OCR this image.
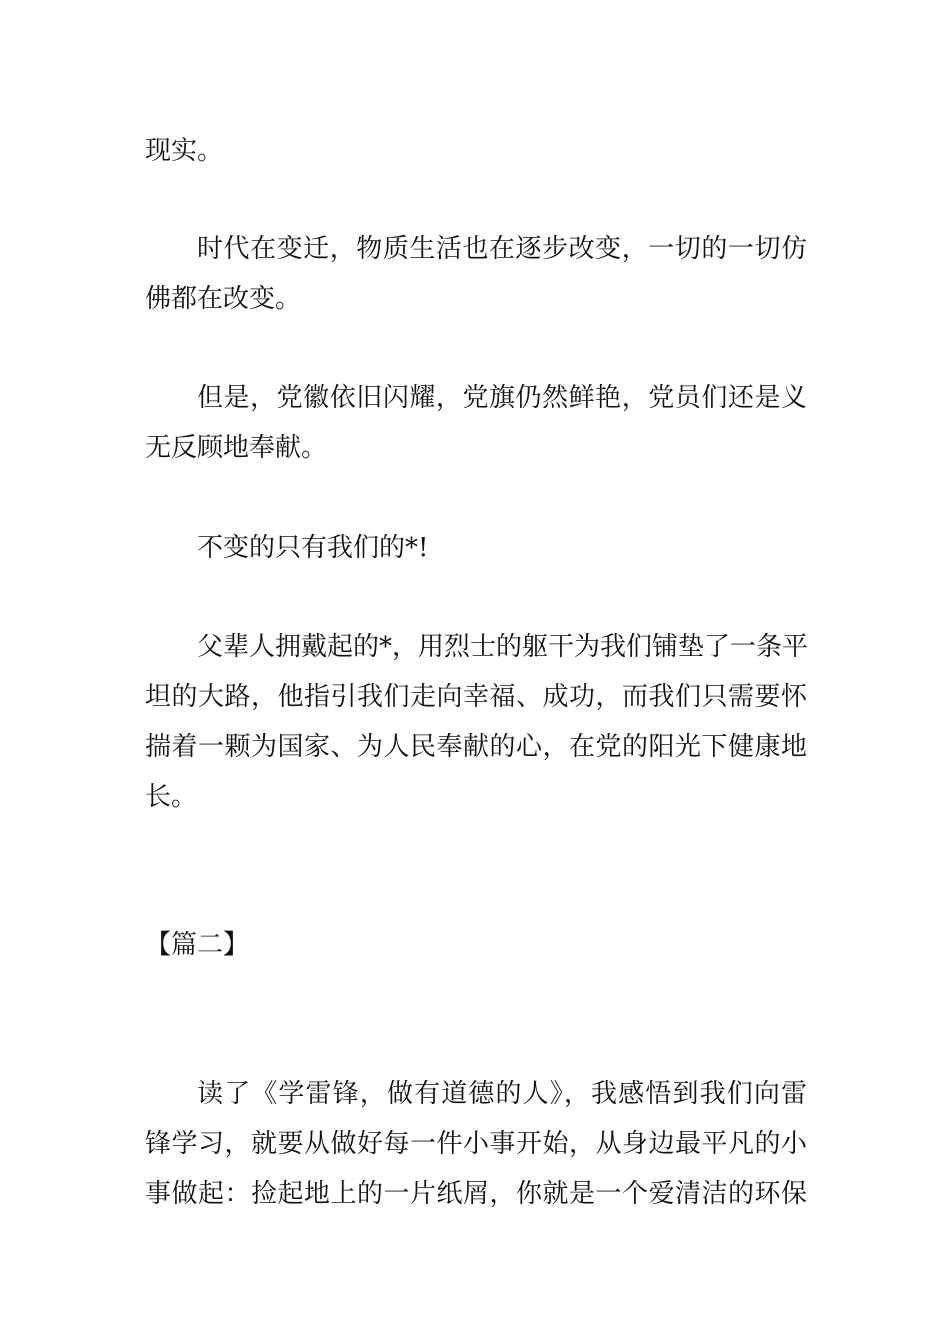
现实。

时代在变迁，物质生活也在逐步改变，一切的一切仿

佛都在改变。

但是，党徽依旧闪耀，党旗仍然鲜艳，党员们还是义

无反顾地奉献。

不变的只有我们的*!

父辈人拥戴起的*，用烈士的躯干为我们铺垫了一条平

坦的大路，他指引我们走向幸福、成功，而我们只需要怀

揣着一颗为国家、为人民奉献的心，在党的阳光下健康地

长。

【篇二】

读了《学雷锋，做有道德的人》，我感悟到我们向雷

锋学习，就要从做好每一件小事开始，从身边最平凡的小

事做起：捡起地上的一片纸屑，你就是一个爱清洁的环保
